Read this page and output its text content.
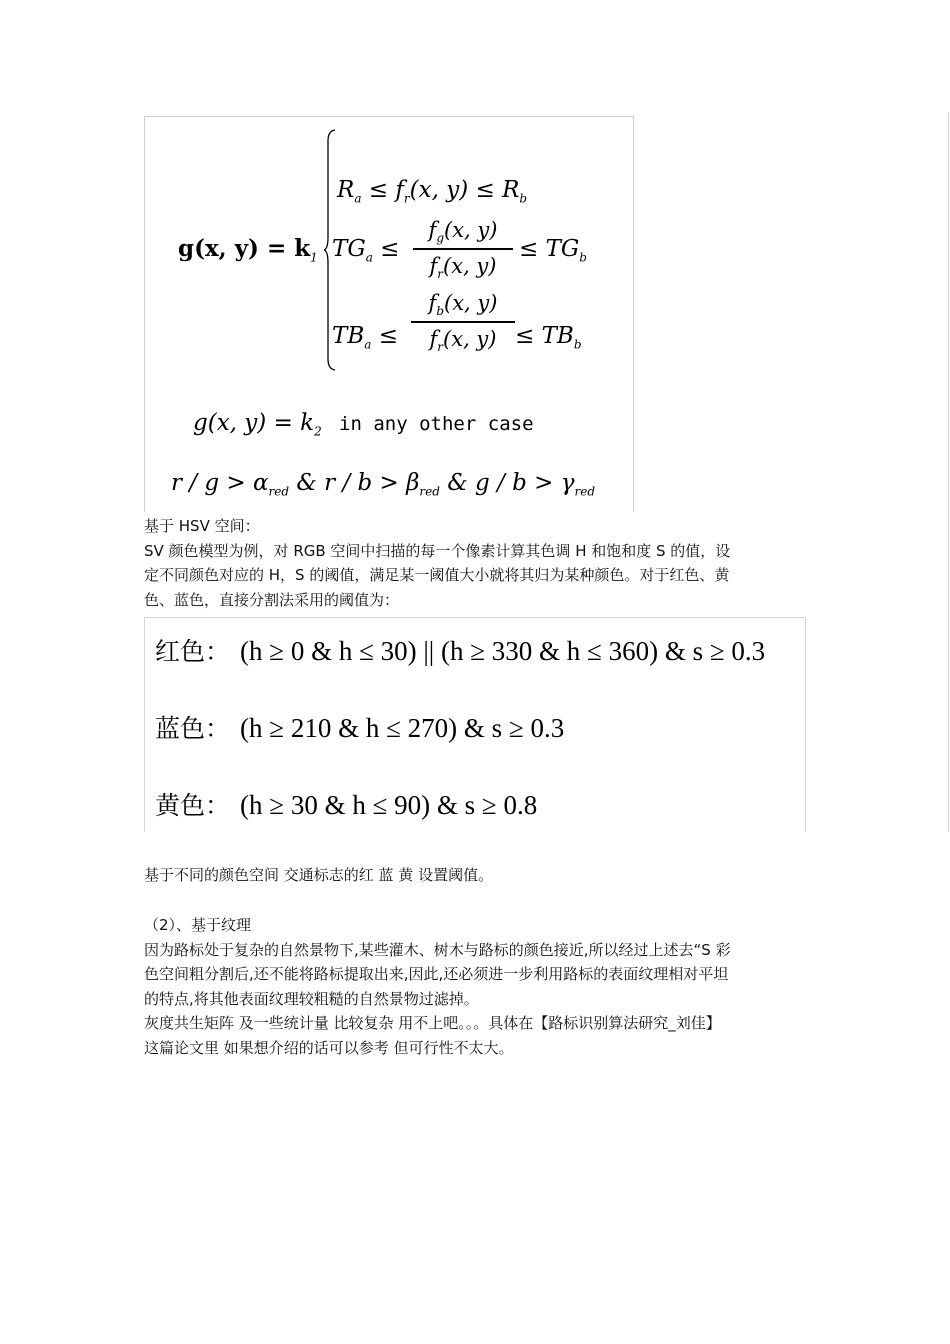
g(x, $y) = k_1$
$R_a \le f_r(x$, $y) \le R_b$
$TG_a \le \frac{f_g(x, y)}{f_r(x, y)} \le TG_b$
$TB_a \le \frac{f_b(x, y)}{f_r(x, y)} \le TB_b$
g(x, $y) = k_2$ in any other case
$r / g > \alpha_{red}$ & $r / b > \beta_{red}$ & $g / b > \gamma_{red}$
基于 HSV 空间：
SV 颜色模型为例，对 RGB 空间中扫描的每一个像素计算其色调 H 和饱和度 S 的值，设
定不同颜色对应的 H，S 的阈值，满足某一阈值大小就将其归为某种颜色。对于红色、黄
色、蓝色，直接分割法采用的阈值为：
红色： (h ≥ 0 & h ≤ 30) || (h ≥ 330 & h ≤ 360) & s ≥ 0.3
蓝色： (h ≥ 210 & h ≤ 270) & s ≥ 0.3
黄色： (h ≥ 30 & h ≤ 90) & s ≥ 0.8
基于不同的颜色空间 交通标志的红 蓝 黄 设置阈值。
（2）、基于纹理
因为路标处于复杂的自然景物下,某些灌木、树木与路标的颜色接近,所以经过上述去“S 彩
色空间粗分割后,还不能将路标提取出来,因此,还必须进一步利用路标的表面纹理相对平坦
的特点,将其他表面纹理较粗糙的自然景物过滤掉。
灰度共生矩阵 及一些统计量 比较复杂 用不上吧。。。具体在【路标识别算法研究_刘佳】
这篇论文里 如果想介绍的话可以参考 但可行性不太大。
